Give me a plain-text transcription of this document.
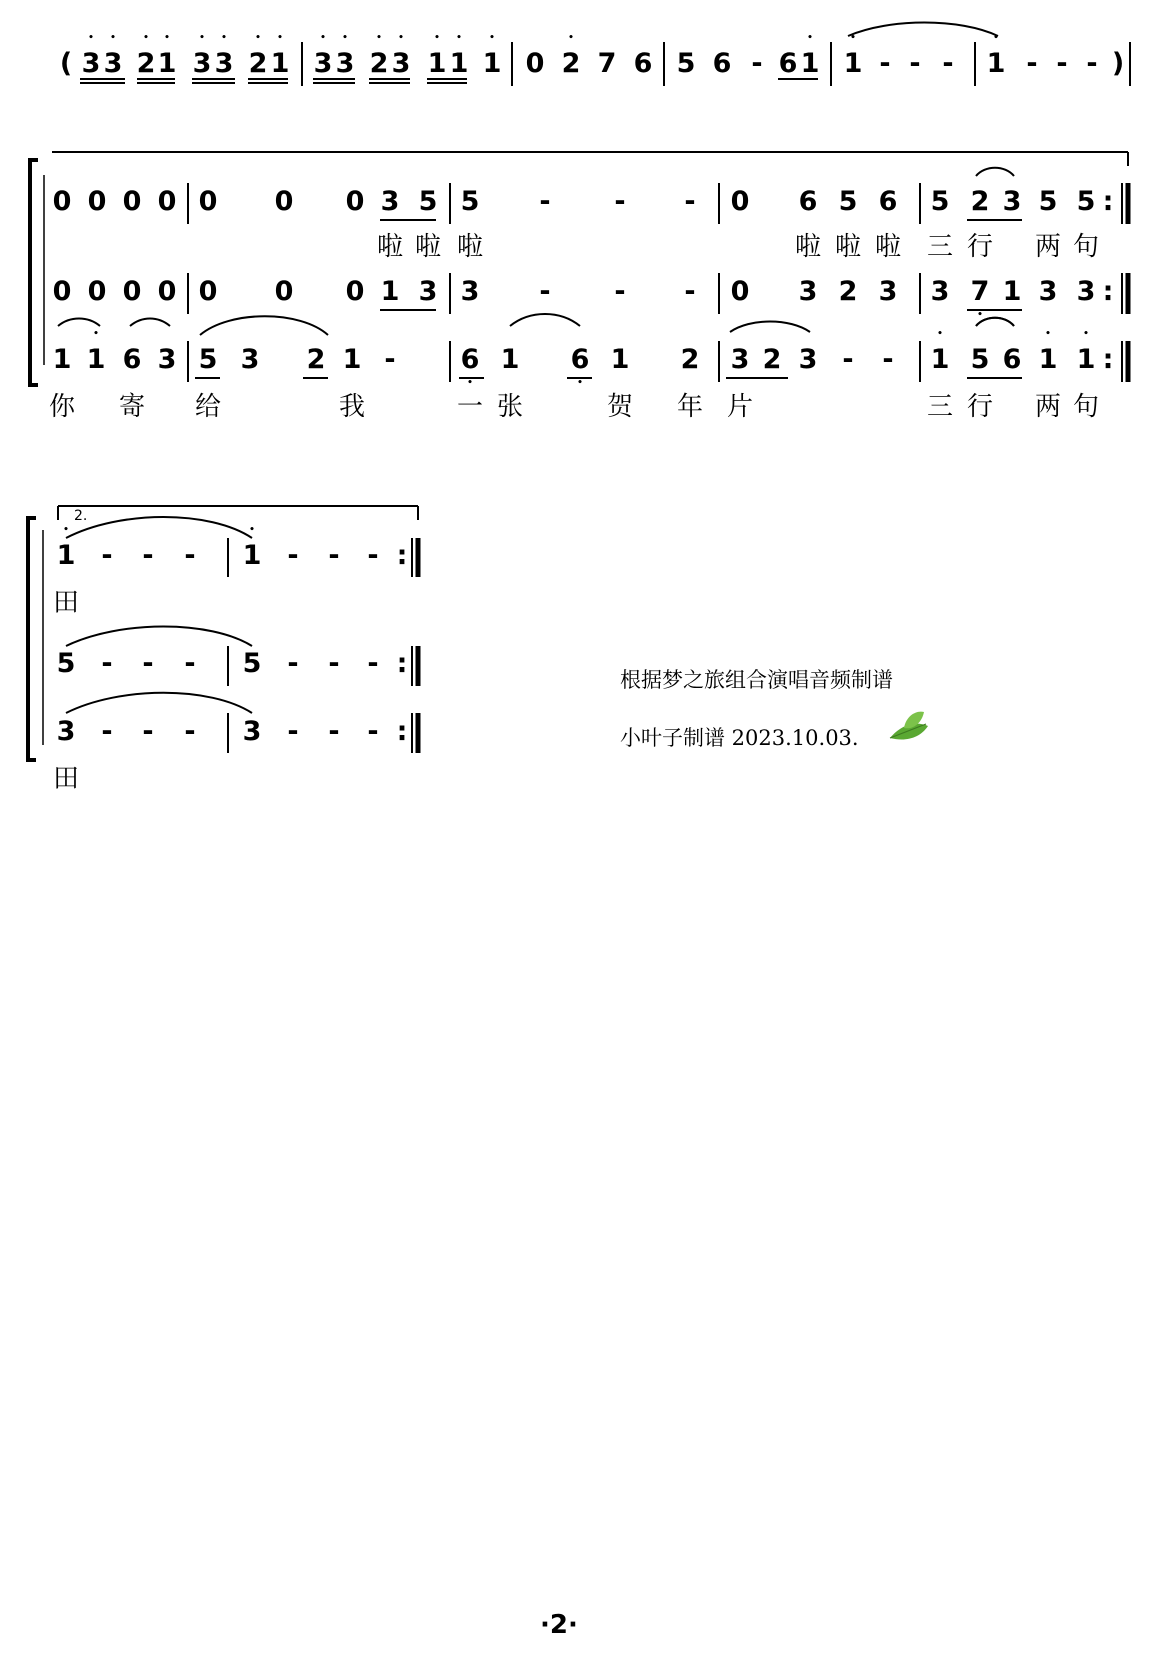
( • 3 • 3 • 2 • 1 • 3 • 3 • 2 • 1 • 3 • 3 • 2 • 3 • 1 • 1 • 1 0 • 2 7 6 5 6 - 6 • 1 • 1 - - - • 1 - - - )
0 0 0 0 0 0 0 3 5 5 - - - 0 6 5 6 5 2 3 5 5 :
啦 啦 啦	啦 啦 啦 三 行 两 句
0 0 0 0 0 0 0 1 3 3 - - - 0 3 2 3 3 7 • 1 3 3 :
1 • 1 6 3 5 3 2 1 - 6 • 1 6 • 1 2 3 2 3 - - • 1 5 6 • 1 • 1 :
你 寄 给	我	一 张	贺 年 片	三 行 两 句
2.
• 1 - - - • 1 - - - :
田
5 - - - 5 - - - :
3 - - - 3 - - - :
田
根据梦之旅组合演唱音频制谱
小叶子制谱 2023.10.03.
·2·
